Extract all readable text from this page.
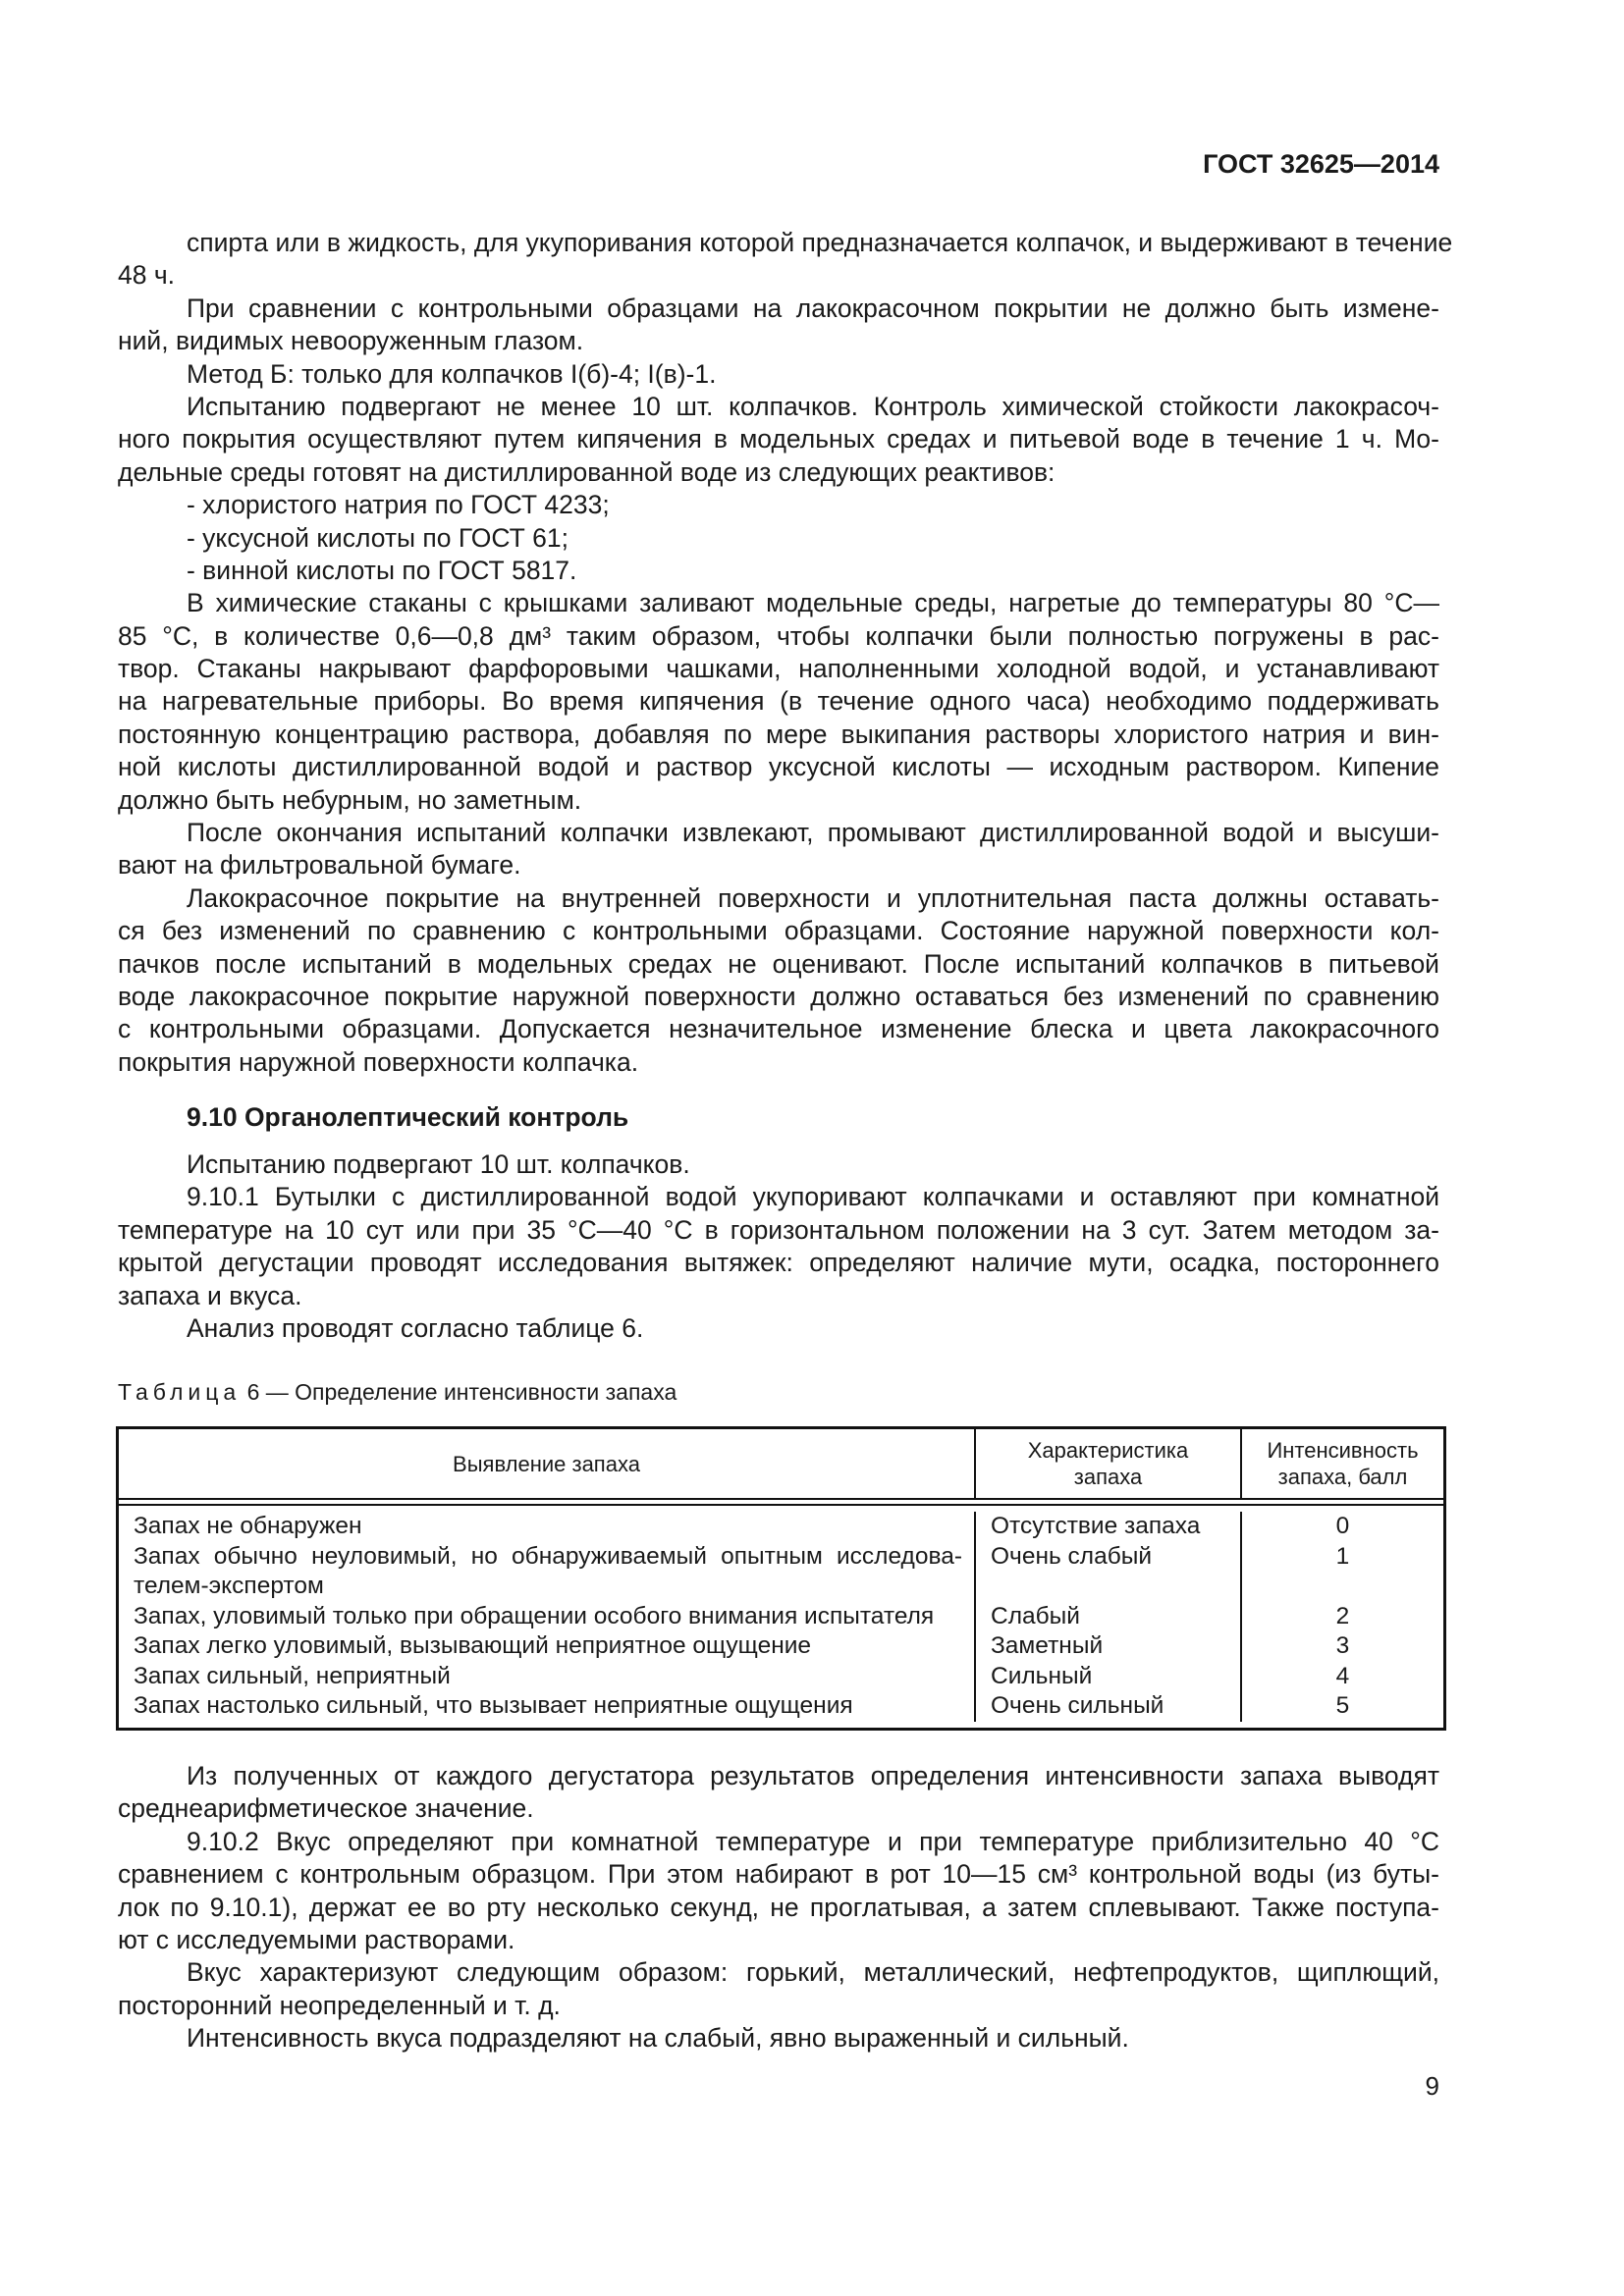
ГОСТ 32625—2014
спирта или в жидкость, для укупоривания которой предназначается колпачок, и выдерживают в течение
48 ч.
При сравнении с контрольными образцами на лакокрасочном покрытии не должно быть измене-
ний, видимых невооруженным глазом.
Метод Б: только для колпачков I(б)-4; I(в)-1.
Испытанию подвергают не менее 10 шт. колпачков. Контроль химической стойкости лакокрасоч-
ного покрытия осуществляют путем кипячения в модельных средах и питьевой воде в течение 1 ч. Мо-
дельные среды готовят на дистиллированной воде из следующих реактивов:
- хлористого натрия по ГОСТ 4233;
- уксусной кислоты по ГОСТ 61;
- винной кислоты по ГОСТ 5817.
В химические стаканы с крышками заливают модельные среды, нагретые до температуры 80 °С—
85 °С, в количестве 0,6—0,8 дм³ таким образом, чтобы колпачки были полностью погружены в рас-
твор. Стаканы накрывают фарфоровыми чашками, наполненными холодной водой, и устанавливают
на нагревательные приборы. Во время кипячения (в течение одного часа) необходимо поддерживать
постоянную концентрацию раствора, добавляя по мере выкипания растворы хлористого натрия и вин-
ной кислоты дистиллированной водой и раствор уксусной кислоты — исходным раствором. Кипение
должно быть небурным, но заметным.
После окончания испытаний колпачки извлекают, промывают дистиллированной водой и высуши-
вают на фильтровальной бумаге.
Лакокрасочное покрытие на внутренней поверхности и уплотнительная паста должны оставать-
ся без изменений по сравнению с контрольными образцами. Состояние наружной поверхности кол-
пачков после испытаний в модельных средах не оценивают. После испытаний колпачков в питьевой
воде лакокрасочное покрытие наружной поверхности должно оставаться без изменений по сравнению
с контрольными образцами. Допускается незначительное изменение блеска и цвета лакокрасочного
покрытия наружной поверхности колпачка.
9.10 Органолептический контроль
Испытанию подвергают 10 шт. колпачков.
9.10.1 Бутылки с дистиллированной водой укупоривают колпачками и оставляют при комнатной
температуре на 10 сут или при 35 °С—40 °С в горизонтальном положении на 3 сут. Затем методом за-
крытой дегустации проводят исследования вытяжек: определяют наличие мути, осадка, постороннего
запаха и вкуса.
Анализ проводят согласно таблице 6.
Таблица 6 — Определение интенсивности запаха
Выявление запаха
Характеристика
запаха
Интенсивность
запаха, балл
Запах не обнаружен
Запах обычно неуловимый, но обнаруживаемый опытным исследова-
телем-экспертом
Запах, уловимый только при обращении особого внимания испытателя
Запах легко уловимый, вызывающий неприятное ощущение
Запах сильный, неприятный
Запах настолько сильный, что вызывает неприятные ощущения
Отсутствие запаха
Очень слабый
Слабый
Заметный
Сильный
Очень сильный
0
1
2
3
4
5
Из полученных от каждого дегустатора результатов определения интенсивности запаха выводят
среднеарифметическое значение.
9.10.2 Вкус определяют при комнатной температуре и при температуре приблизительно 40 °С
сравнением с контрольным образцом. При этом набирают в рот 10—15 см³ контрольной воды (из буты-
лок по 9.10.1), держат ее во рту несколько секунд, не проглатывая, а затем сплевывают. Также поступа-
ют с исследуемыми растворами.
Вкус характеризуют следующим образом: горький, металлический, нефтепродуктов, щиплющий,
посторонний неопределенный и т. д.
Интенсивность вкуса подразделяют на слабый, явно выраженный и сильный.
9
